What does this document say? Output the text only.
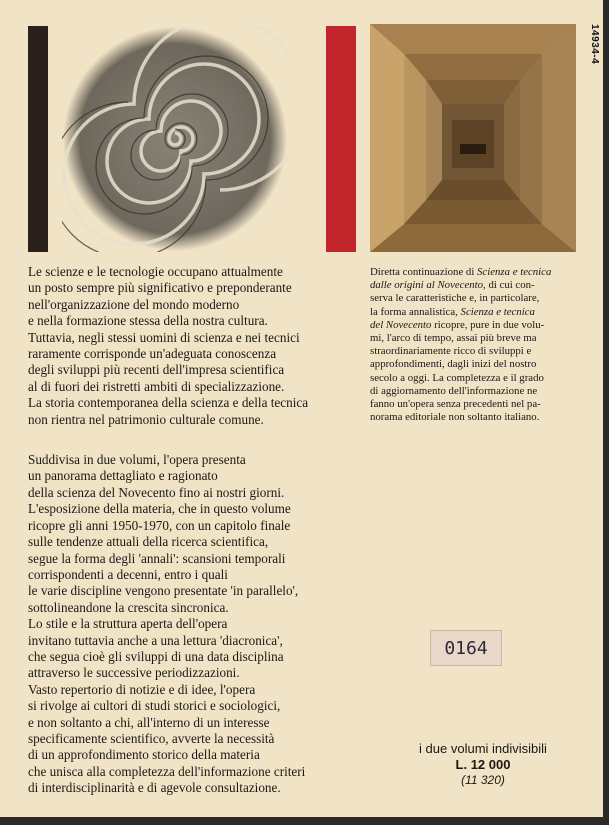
14934-4

Le scienze e le tecnologie occupano attualmente
un posto sempre più significativo e preponderante
nell'organizzazione del mondo moderno
e nella formazione stessa della nostra cultura.
Tuttavia, negli stessi uomini di scienza e nei tecnici
raramente corrisponde un'adeguata conoscenza
degli sviluppi più recenti dell'impresa scientifica
al di fuori dei ristretti ambiti di specializzazione.
La storia contemporanea della scienza e della tecnica
non rientra nel patrimonio culturale comune.

Suddivisa in due volumi, l'opera presenta
un panorama dettagliato e ragionato
della scienza del Novecento fino ai nostri giorni.
L'esposizione della materia, che in questo volume
ricopre gli anni 1950-1970, con un capitolo finale
sulle tendenze attuali della ricerca scientifica,
segue la forma degli 'annali': scansioni temporali
corrispondenti a decenni, entro i quali
le varie discipline vengono presentate 'in parallelo',
sottolineandone la crescita sincronica.
Lo stile e la struttura aperta dell'opera
invitano tuttavia anche a una lettura 'diacronica',
che segua cioè gli sviluppi di una data disciplina
attraverso le successive periodizzazioni.
Vasto repertorio di notizie e di idee, l'opera
si rivolge ai cultori di studi storici e sociologici,
e non soltanto a chi, all'interno di un interesse
specificamente scientifico, avverte la necessità
di un approfondimento storico della materia
che unisca alla completezza dell'informazione criteri
di interdisciplinarità e di agevole consultazione.

Diretta continuazione di Scienza e tecnica
dalle origini al Novecento, di cui con-
serva le caratteristiche e, in particolare,
la forma annalistica, Scienza e tecnica
del Novecento ricopre, pure in due volu-
mi, l'arco di tempo, assai più breve ma
straordinariamente ricco di sviluppi e
approfondimenti, dagli inizi del nostro
secolo a oggi. La completezza e il grado
di aggiornamento dell'informazione ne
fanno un'opera senza precedenti nel pa-
norama editoriale non soltanto italiano.

0164
i due volumi indivisibili
L. 12 000
(11 320)
